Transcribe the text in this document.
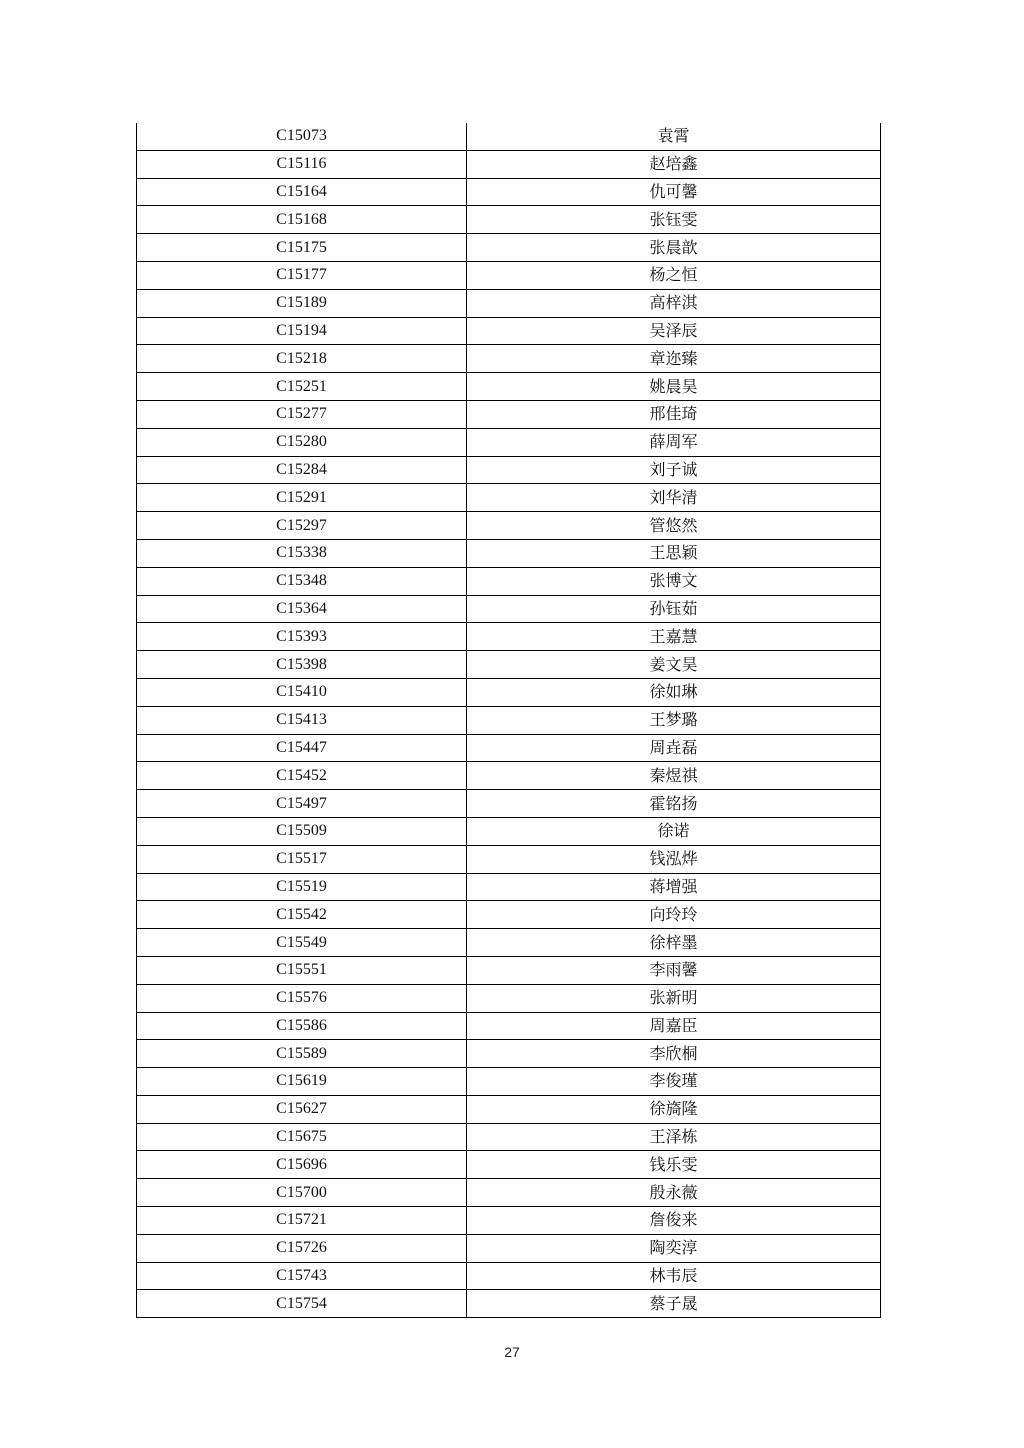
C15073	袁霄
C15116	赵培鑫
C15164	仇可馨
C15168	张钰雯
C15175	张晨歆
C15177	杨之恒
C15189	高梓淇
C15194	吴泽辰
C15218	章迩臻
C15251	姚晨昊
C15277	邢佳琦
C15280	薛周军
C15284	刘子诚
C15291	刘华清
C15297	管悠然
C15338	王思颖
C15348	张博文
C15364	孙钰茹
C15393	王嘉慧
C15398	姜文昊
C15410	徐如琳
C15413	王梦璐
C15447	周垚磊
C15452	秦煜祺
C15497	霍铭扬
C15509	徐诺
C15517	钱泓烨
C15519	蒋增强
C15542	向玲玲
C15549	徐梓墨
C15551	李雨馨
C15576	张新明
C15586	周嘉臣
C15589	李欣桐
C15619	李俊瑾
C15627	徐旖隆
C15675	王泽栋
C15696	钱乐雯
C15700	殷永薇
C15721	詹俊来
C15726	陶奕淳
C15743	林韦辰
C15754	蔡子晟
27
